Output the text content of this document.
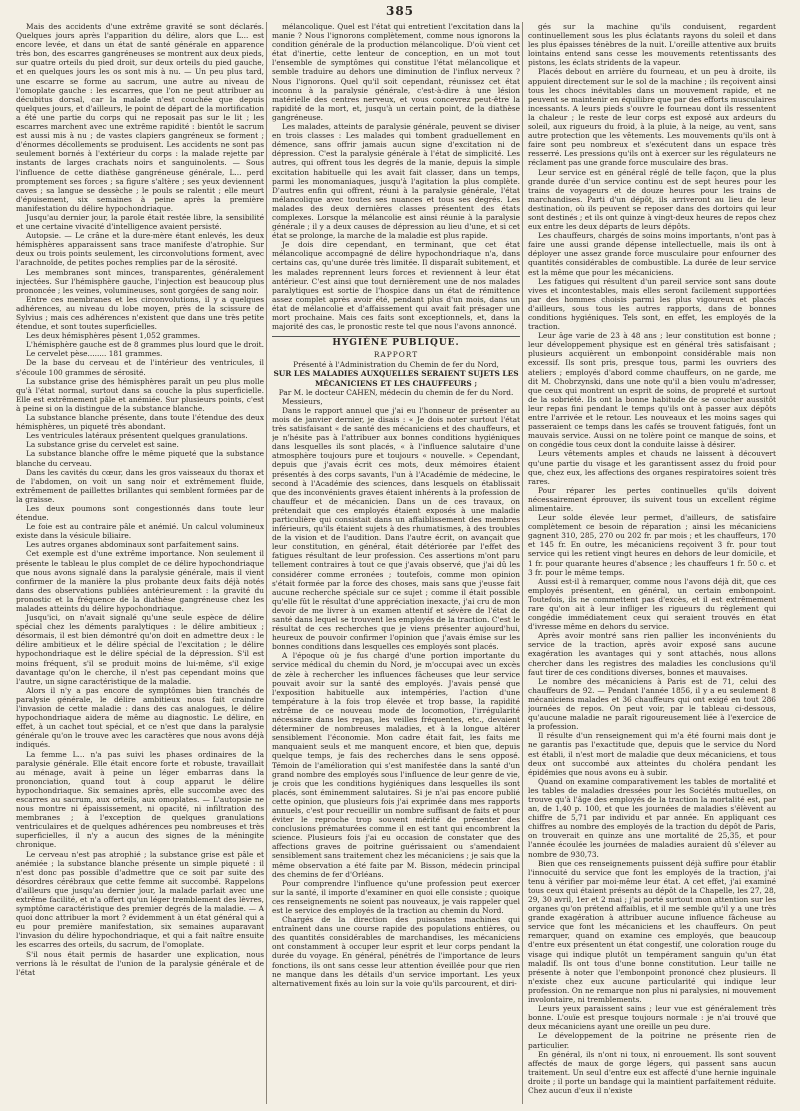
385

Mais des accidents d'une extrême gravité se sont déclarés. Quelques jours après l'apparition du délire, alors que L... est encore levée, et dans un état de santé générale en apparence très bon, des escarres gangréneuses se montrent aux deux pieds, sur quatre orteils du pied droit, sur deux orteils du pied gauche, et en quelques jours les os sont mis à nu. — Un peu plus tard, une escarre se forme au sacrum, une autre au niveau de l'omoplate gauche : les escarres, que l'on ne peut attribuer au décubitus dorsal, car la malade n'est couchée que depuis quelques jours, et d'ailleurs, le point de départ de la mortification a été une partie du corps qui ne reposait pas sur le lit ; les escarres marchent avec une extrême rapidité : bientôt le sacrum est aussi mis à nu ; de vastes clapiers gangréneux se forment ; d'énormes décollements se produisent. Les accidents ne sont pas seulement bornés à l'extérieur du corps : la malade rejette par instants de larges crachats noirs et sanguinolents. — Sous l'influence de cette diathèse gangréneuse générale, L... perd promptement ses forces ; sa figure s'altère ; ses yeux deviennent caves ; sa langue se dessèche ; le pouls se ralentit ; elle meurt d'épuisement, six semaines à peine après la première manifestation du délire hypochondriaque.

Jusqu'au dernier jour, la parole était restée libre, la sensibilité et une certaine vivacité d'intelligence avaient persisté.

Autopsie. — Le crâne et la dure-mère étant enlevés, les deux hémisphères apparaissent sans trace manifeste d'atrophie. Sur deux ou trois points seulement, les circonvolutions forment, avec l'arachnoïde, de petites poches remplies par de la sérosité.

Les membranes sont minces, transparentes, généralement injectées. Sur l'hémisphère gauche, l'injection est beaucoup plus prononcée ; les veines, volumineuses, sont gorgées de sang noir.

Entre ces membranes et les circonvolutions, il y a quelques adhérences, au niveau du lobe moyen, près de la scissure de Sylvius ; mais ces adhérences n'existent que dans une très petite étendue, et sont toutes superficielles.

Les deux hémisphères pèsent 1,052 grammes.

L'hémisphère gauche est de 8 grammes plus lourd que le droit.

Le cervelet pèse........ 181 grammes.

De la base du cerveau et de l'intérieur des ventricules, il s'écoule 100 grammes de sérosité.

La substance grise des hémisphères paraît un peu plus molle qu'à l'état normal, surtout dans sa couche la plus superficielle. Elle est extrêmement pâle et anémiée. Sur plusieurs points, c'est à peine si on la distingue de la substance blanche.

La substance blanche présente, dans toute l'étendue des deux hémisphères, un piqueté très abondant.

Les ventricules latéraux présentent quelques granulations.

La substance grise du cervelet est saine.

La substance blanche offre le même piqueté que la substance blanche du cerveau.

Dans les cavités du cœur, dans les gros vaisseaux du thorax et de l'abdomen, on voit un sang noir et extrêmement fluide, extrêmement de paillettes brillantes qui semblent formées par de la graisse.

Les deux poumons sont congestionnés dans toute leur étendue.

Le foie est au contraire pâle et anémié. Un calcul volumineux existe dans la vésicule biliaire.

Les autres organes abdominaux sont parfaitement sains.

Cet exemple est d'une extrême importance. Non seulement il présente le tableau le plus complet de ce délire hypochondriaque que nous avons signalé dans la paralysie générale, mais il vient confirmer de la manière la plus probante deux faits déjà notés dans des observations publiées antérieurement : la gravité du pronostic et la fréquence de la diathèse gangréneuse chez les malades atteints du délire hypochondriaque.

Jusqu'ici, on n'avait signalé qu'une seule espèce de délire spécial chez les déments paralytiques : le délire ambitieux ; désormais, il est bien démontré qu'on doit en admettre deux : le délire ambitieux et le délire spécial de l'excitation ; le délire hypochondriaque est le délire spécial de la dépression. S'il est moins fréquent, s'il se produit moins de lui-même, s'il exige davantage qu'on le cherche, il n'est pas cependant moins que l'autre, un signe caractéristique de la maladie.

Alors il n'y a pas encore de symptômes bien tranchés de paralysie générale, le délire ambitieux nous fait craindre l'invasion de cette maladie : dans des cas analogues, le délire hypochondriaque aidera de même au diagnostic. Le délire, en effet, à un cachet tout spécial, et ce n'est que dans la paralysie générale qu'on le trouve avec les caractères que nous avons déjà indiqués.

La femme L... n'a pas suivi les phases ordinaires de la paralysie générale. Elle était encore forte et robuste, travaillait au ménage, avait à peine un léger embarras dans la prononciation, quand tout à coup apparut le délire hypochondriaque. Six semaines après, elle succombe avec des escarres au sacrum, aux orteils, aux omoplates. — L'autopsie ne nous montre ni épaississement, ni opacité, ni infiltration des membranes ; à l'exception de quelques granulations ventriculaires et de quelques adhérences peu nombreuses et très superficielles, il n'y a aucun des signes de la méningite chronique.

Le cerveau n'est pas atrophié ; la substance grise est pâle et anémiée ; la substance blanche présente un simple piqueté : il n'est donc pas possible d'admettre que ce soit par suite des désordres cérébraux que cette femme ait succombé. Rappelons d'ailleurs que jusqu'au dernier jour, la malade parlait avec une extrême facilité, et n'a offert qu'un léger tremblement des lèvres, symptôme caractéristique des premier degrés de la maladie. — A quoi donc attribuer la mort ? évidemment à un état général qui a eu pour première manifestation, six semaines auparavant l'invasion du délire hypochondriaque, et qui a fait naître ensuite les escarres des orteils, du sacrum, de l'omoplate.

S'il nous était permis de hasarder une explication, nous verrions là le résultat de l'union de la paralysie générale et de l'état

mélancolique. Quel est l'état qui entretient l'excitation dans la manie ? Nous l'ignorons complètement, comme nous ignorons la condition générale de la production mélancolique. D'où vient cet état d'inertie, cette lenteur de conception, en un mot tout l'ensemble de symptômes qui constitue l'état mélancolique et semble traduire au dehors une diminution de l'influx nerveux ? Nous l'ignorons. Quel qu'il soit cependant, réunissez cet état inconnu à la paralysie générale, c'est-à-dire à une lésion matérielle des centres nerveux, et vous concevrez peut-être la rapidité de la mort, et, jusqu'à un certain point, de la diathèse gangréneuse.

Les malades, atteints de paralysie générale, peuvent se diviser en trois classes : Les malades qui tombent graduellement en démence, sans offrir jamais aucun signe d'excitation ni de dépression. C'est la paralysie générale à l'état de simplicité. Les autres, qui offrent tous les degrés de la manie, depuis la simple excitation habituelle qui les avait fait classer, dans un temps, parmi les monomaniaques, jusqu'à l'agitation la plus complète. D'autres enfin qui offrent, réuni à la paralysie générale, l'état mélancolique avec toutes ses nuances et tous ses degrés. Les malades des deux dernières classes présentent des états complexes. Lorsque la mélancolie est ainsi réunie à la paralysie générale ; il y a deux causes de dépression au lieu d'une, et si cet état se prolonge, la marche de la maladie est plus rapide.

Je dois dire cependant, en terminant, que cet état mélancolique accompagné de délire hypochondriaque n'a, dans certains cas, qu'une durée très limitée. Il disparaît subitement, et les malades reprennent leurs forces et reviennent à leur état antérieur. C'est ainsi que tout dernièrement une de nos malades paralytiques est sortie de l'hospice dans un état de rémittence assez complet après avoir été, pendant plus d'un mois, dans un état de mélancolie et d'affaissement qui avait fait présager une mort prochaine. Mais ces faits sont exceptionnels, et, dans la majorité des cas, le pronostic reste tel que nous l'avons annoncé.

HYGIÈNE PUBLIQUE.
RAPPORT

Présenté à l'Administration du Chemin de fer du Nord,

SUR LES MALADIES AUXQUELLES SERAIENT SUJETS LES MÉCANICIENS ET LES CHAUFFEURS ;

Par M. le docteur CAHEN, médecin du chemin de fer du Nord.

Messieurs,

Dans le rapport annuel que j'ai eu l'honneur de présenter au mois de janvier dernier, je disais : « Je dois noter surtout l'état très satisfaisant « de santé des mécaniciens et des chauffeurs, et je n'hésite pas à l'attribuer aux bonnes conditions hygiéniques dans lesquelles ils sont placés, « à l'influence salutaire d'une atmosphère toujours pure et toujours « nouvelle. » Cependant, depuis que j'avais écrit ces mots, deux mémoires étaient présentés à des corps savants, l'un à l'Académie de médecine, le second à l'Académie des sciences, dans lesquels on établissait que des inconvénients graves étaient inhérents à la profession de chauffeur et de mécanicien. Dans un de ces travaux, on prétendait que ces employés étaient exposés à une maladie particulière qui consistait dans un affaiblissement des membres inférieurs, qu'ils étaient sujets à des rhumatismes, à des troubles de la vision et de l'audition. Dans l'autre écrit, on avançait que leur constitution, en général, était détériorée par l'effet des fatigues résultant de leur profession. Ces assertions m'ont paru tellement contraires à tout ce que j'avais observé, que j'ai dû les considérer comme erronées ; toutefois, comme mon opinion s'était formée par la force des choses, mais sans que j'eusse fait aucune recherche spéciale sur ce sujet ; comme il était possible qu'elle fût le résultat d'une appréciation inexacte, j'ai cru de mon devoir de me livrer à un examen attentif et sévère de l'état de santé dans lequel se trouvent les employés de la traction. C'est le résultat de ces recherches que je viens présenter aujourd'hui, heureux de pouvoir confirmer l'opinion que j'avais émise sur les bonnes conditions dans lesquelles ces employés sont placés.

A l'époque où je fus chargé d'une portion importante du service médical du chemin du Nord, je m'occupai avec un excès de zèle à rechercher les influences fâcheuses que leur service pouvait avoir sur la santé des employés. J'avais pensé que l'exposition habituelle aux intempéries, l'action d'une température à la fois trop élevée et trop basse, la rapidité extrême de ce nouveau mode de locomotion, l'irrégularité nécessaire dans les repas, les veilles fréquentes, etc., devaient déterminer de nombreuses maladies, et à la longue altérer sensiblement l'économie. Mon cadre était fait, les faits me manquaient seuls et me manquent encore, et bien que, depuis quelque temps, je fais des recherches dans le sens opposé. Témoin de l'amélioration qui s'est manifestée dans la santé d'un grand nombre des employés sous l'influence de leur genre de vie, je crois que les conditions hygiéniques dans lesquelles ils sont placés, sont éminemment salutaires. Si je n'ai pas encore publié cette opinion, que plusieurs fois j'ai exprimée dans mes rapports annuels, c'est pour recueillir un nombre suffisant de faits et pour éviter le reproche trop souvent mérité de présenter des conclusions prématurées comme il en est tant qui encombrent la science. Plusieurs fois j'ai eu occasion de constater que des affections graves de poitrine guérissaient ou s'amendaient sensiblement sans traitement chez les mécaniciens ; je sais que la même observation a été faite par M. Bisson, médecin principal des chemins de fer d'Orléans.

Pour comprendre l'influence qu'une profession peut exercer sur la santé, il importe d'examiner en quoi elle consiste ; quoique ces renseignements ne soient pas nouveaux, je vais rappeler quel est le service des employés de la traction au chemin du Nord.

Chargés de la direction des puissantes machines qui entraînent dans une course rapide des populations entières, ou des quantités considérables de marchandises, les mécaniciens ont constamment à occuper leur esprit et leur corps pendant la durée du voyage. En général, pénétrés de l'importance de leurs fonctions, ils ont sans cesse leur attention éveillée pour que rien ne manque dans les détails d'un service important. Les yeux alternativement fixés au loin sur la voie qu'ils parcourent, et diri-

gés sur la machine qu'ils conduisent, regardent continuellement sous les plus éclatants rayons du soleil et dans les plus épaisses ténèbres de la nuit. L'oreille attentive aux bruits lointains entend sans cesse les mouvements retentissants des pistons, les éclats stridents de la vapeur.

Placés debout en arrière du fourneau, et un peu à droite, ils appuient directement sur le sol de la machine ; ils reçoivent ainsi tous les chocs inévitables dans un mouvement rapide, et ne peuvent se maintenir en équilibre que par des efforts musculaires incessants. A leurs pieds s'ouvre le fourneau dont ils ressentent la chaleur ; le reste de leur corps est exposé aux ardeurs du soleil, aux rigueurs du froid, à la pluie, à la neige, au vent, sans autre protection que les vêtements. Les mouvements qu'ils ont à faire sont peu nombreux et s'exécutent dans un espace très resserré. Les pressions qu'ils ont à exercer sur les régulateurs ne réclament pas une grande force musculaire des bras.

Leur service est en général réglé de telle façon, que la plus grande durée d'un service continu est de sept heures pour les trains de voyageurs et de douze heures pour les trains de marchandises. Parti d'un dépôt, ils arriveront au lieu de leur destination, où ils peuvent se reposer dans des dortoirs qui leur sont destinés ; et ils ont quinze à vingt-deux heures de repos chez eux entre les deux départs de leurs dépôts.

Les chauffeurs, chargés de soins moins importants, n'ont pas à faire une aussi grande dépense intellectuelle, mais ils ont à déployer une assez grande force musculaire pour enfourner des quantités considérables de combustible. La durée de leur service est la même que pour les mécaniciens.

Les fatigues qui résultent d'un pareil service sont sans doute vives et incontestables, mais elles seront facilement supportées par des hommes choisis parmi les plus vigoureux et placés d'ailleurs, sous tous les autres rapports, dans de bonnes conditions hygiéniques. Tels sont, en effet, les employés de la traction.

Leur âge varie de 23 à 48 ans ; leur constitution est bonne ; leur développement physique est en général très satisfaisant ; plusieurs acquièrent un embonpoint considérable mais non excessif. Ils sont pris, presque tous, parmi les ouvriers des ateliers ; employés d'abord comme chauffeurs, on ne garde, me dit M. Chobrzynski, dans une note qu'il a bien voulu m'adresser, que ceux qui montrent un esprit de soins, de propreté et surtout de la sobriété. Ils ont la bonne habitude de se coucher aussitôt leur repas fini pendant le temps qu'ils ont à passer aux dépôts entre l'arrivée et le retour. Les nouveaux et les moins sages qui passeraient ce temps dans les cafés se trouvent fatigués, font un mauvais service. Aussi on ne tolère point ce manque de soins, et on congédie tous ceux dont la conduite laisse à désirer.

Leurs vêtements amples et chauds ne laissent à découvert qu'une partie du visage et les garantissent assez du froid pour que, chez eux, les affections des organes respiratoires soient très rares.

Pour réparer les pertes continuelles qu'ils doivent nécessairement éprouver, ils suivent tous un excellent régime alimentaire.

Leur solde élevée leur permet, d'ailleurs, de satisfaire complètement ce besoin de réparation ; ainsi les mécaniciens gagnent 310, 285, 270 ou 202 fr. par mois ; et les chauffeurs, 170 et 145 fr. En outre, les mécaniciens reçoivent 3 fr. pour tout service qui les retient vingt heures en dehors de leur domicile, et 1 fr. pour quarante heures d'absence ; les chauffeurs 1 fr. 50 c. et 3 fr. pour le même temps.

Aussi est-il à remarquer, comme nous l'avons déjà dit, que ces employés présentent, en général, un certain embonpoint. Toutefois, ils ne commettent pas d'excès, et il est extrêmement rare qu'on ait à leur infliger les rigueurs du règlement qui congédie immédiatement ceux qui seraient trouvés en état d'ivresse même en dehors du service.

Après avoir montré sans rien pallier les inconvénients du service de la traction, après avoir exposé sans aucune exagération les avantages qui y sont attachés, nous allons chercher dans les registres des maladies les conclusions qu'il faut tirer de ces conditions diverses, bonnes et mauvaises.

Le nombre des mécaniciens à Paris est de 71, celui des chauffeurs de 92. — Pendant l'année 1856, il y a eu seulement 8 mécaniciens malades et 36 chauffeurs qui ont exigé en tout 286 journées de repos. On peut voir, par le tableau ci-dessous, qu'aucune maladie ne paraît rigoureusement liée à l'exercice de la profession.

Il résulte d'un renseignement qui m'a été fourni mais dont je ne garantis pas l'exactitude que, depuis que le service du Nord est établi, il n'est mort de maladie que deux mécaniciens, et tous deux ont succombé aux atteintes du choléra pendant les épidémies que nous avons eu à subir.

Quand on examine comparativement les tables de mortalité et les tables de maladies dressées pour les Sociétés mutuelles, on trouve qu'à l'âge des employés de la traction la mortalité est, par an, de 1,40 p. 100, et que les journées de maladies s'élèvent au chiffre de 5,71 par individu et par année. En appliquant ces chiffres au nombre des employés de la traction du dépôt de Paris, on trouverait en quinze ans une mortalité de 25,35, et pour l'année écoulée les journées de maladies auraient dû s'élever au nombre de 930,73.

Bien que ces renseignements puissent déjà suffire pour établir l'innocuité du service que font les employés de la traction, j'ai tenu à vérifier par moi-même leur état. A cet effet, j'ai examiné tous ceux qui étaient présents au dépôt de la Chapelle, les 27, 28, 29, 30 avril, 1er et 2 mai ; j'ai porté surtout mon attention sur les organes qu'on prétend affaiblis, et il me semble qu'il y a une très grande exagération à attribuer aucune influence fâcheuse au service que font les mécaniciens et les chauffeurs. On peut remarquer, quand on examine ces employés, que beaucoup d'entre eux présentent un état congestif, une coloration rouge du visage qui indique plutôt un tempérament sanguin qu'un état maladif. Ils ont tous d'une bonne constitution. Leur taille ne présente à noter que l'embonpoint prononcé chez plusieurs. Il n'existe chez eux aucune particularité qui indique leur profession. On ne remarque non plus ni paralysies, ni mouvement involontaire, ni tremblements.

Leurs yeux paraissent sains ; leur vue est généralement très bonne. L'ouïe est presque toujours normale : je n'ai trouvé que deux mécaniciens ayant une oreille un peu dure.

Le développement de la poitrine ne présente rien de particulier.

En général, ils n'ont ni toux, ni enrouement. Ils sont souvent affectés de maux de gorge légers, qui passent sans aucun traitement. Un seul d'entre eux est affecté d'une hernie inguinale droite ; il porte un bandage qui la maintient parfaitement réduite. Chez aucun d'eux il n'existe
